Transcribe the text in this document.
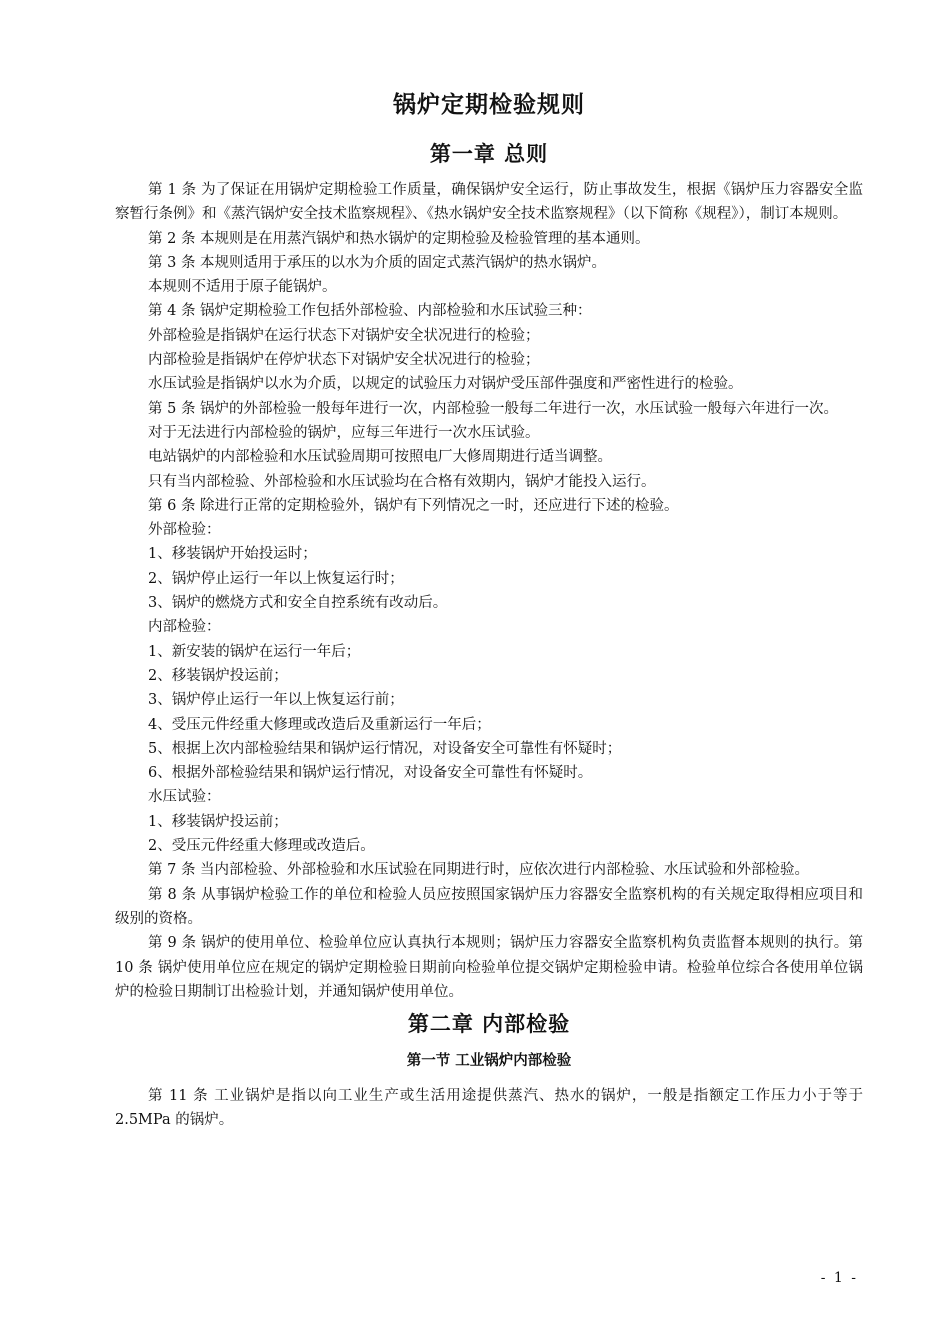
锅炉定期检验规则
第一章 总则

第 1 条 为了保证在用锅炉定期检验工作质量，确保锅炉安全运行，防止事故发生，根据《锅炉压力容器安全监察暂行条例》和《蒸汽锅炉安全技术监察规程》、《热水锅炉安全技术监察规程》（以下简称《规程》），制订本规则。

第 2 条 本规则是在用蒸汽锅炉和热水锅炉的定期检验及检验管理的基本通则。

第 3 条 本规则适用于承压的以水为介质的固定式蒸汽锅炉的热水锅炉。

本规则不适用于原子能锅炉。

第 4 条 锅炉定期检验工作包括外部检验、内部检验和水压试验三种：

外部检验是指锅炉在运行状态下对锅炉安全状况进行的检验；

内部检验是指锅炉在停炉状态下对锅炉安全状况进行的检验；

水压试验是指锅炉以水为介质，以规定的试验压力对锅炉受压部件强度和严密性进行的检验。

第 5 条 锅炉的外部检验一般每年进行一次，内部检验一般每二年进行一次，水压试验一般每六年进行一次。

对于无法进行内部检验的锅炉，应每三年进行一次水压试验。

电站锅炉的内部检验和水压试验周期可按照电厂大修周期进行适当调整。

只有当内部检验、外部检验和水压试验均在合格有效期内，锅炉才能投入运行。

第 6 条 除进行正常的定期检验外，锅炉有下列情况之一时，还应进行下述的检验。

外部检验：

1、移装锅炉开始投运时；

2、锅炉停止运行一年以上恢复运行时；

3、锅炉的燃烧方式和安全自控系统有改动后。

内部检验：

1、新安装的锅炉在运行一年后；

2、移装锅炉投运前；

3、锅炉停止运行一年以上恢复运行前；

4、受压元件经重大修理或改造后及重新运行一年后；

5、根据上次内部检验结果和锅炉运行情况，对设备安全可靠性有怀疑时；

6、根据外部检验结果和锅炉运行情况，对设备安全可靠性有怀疑时。

水压试验：

1、移装锅炉投运前；

2、受压元件经重大修理或改造后。

第 7 条 当内部检验、外部检验和水压试验在同期进行时，应依次进行内部检验、水压试验和外部检验。

第 8 条 从事锅炉检验工作的单位和检验人员应按照国家锅炉压力容器安全监察机构的有关规定取得相应项目和级别的资格。

第 9 条 锅炉的使用单位、检验单位应认真执行本规则；锅炉压力容器安全监察机构负责监督本规则的执行。第 10 条 锅炉使用单位应在规定的锅炉定期检验日期前向检验单位提交锅炉定期检验申请。检验单位综合各使用单位锅炉的检验日期制订出检验计划，并通知锅炉使用单位。

第二章 内部检验
第一节 工业锅炉内部检验

第 11 条 工业锅炉是指以向工业生产或生活用途提供蒸汽、热水的锅炉，一般是指额定工作压力小于等于 2.5MPa 的锅炉。

- 1 -
